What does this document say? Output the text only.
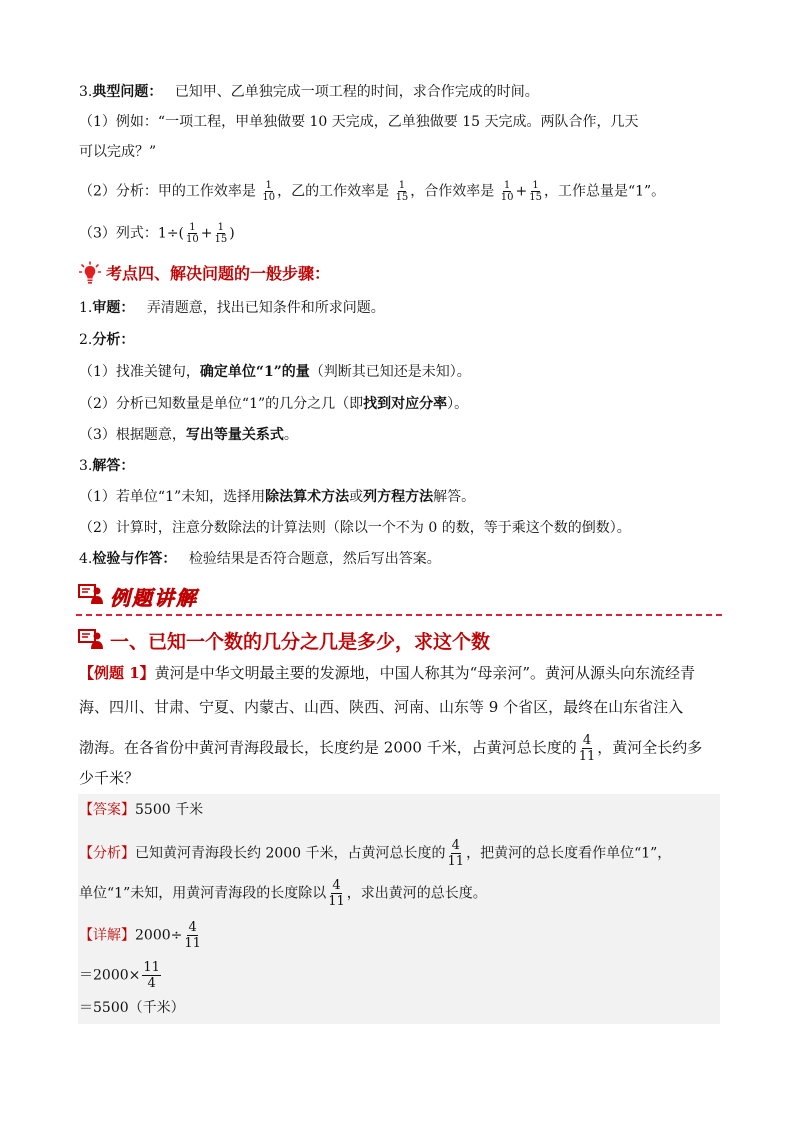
3.典型问题： 已知甲、乙单独完成一项工程的时间，求合作完成的时间。
（1）例如：“一项工程，甲单独做要 10 天完成，乙单独做要 15 天完成。两队合作，几天
可以完成？”
（2）分析：甲的工作效率是 $\frac{1}{10}$ ，乙的工作效率是 $\frac{1}{15}$ ，合作效率是 $\frac{1}{10} + \frac{1}{15}$ ，工作总量是“1”。
（3）列式：$1\div( \frac{1}{10} + \frac{1}{15}$ )
考点四、解决问题的一般步骤：
1.审题： 弄清题意，找出已知条件和所求问题。
2.分析：
（1）找准关键句，确定单位“1”的量（判断其已知还是未知）。
（2）分析已知数量是单位“1”的几分之几（即找到对应分率）。
（3）根据题意，写出等量关系式。
3.解答：
（1）若单位“1”未知，选择用除法算术方法或列方程方法解答。
（2）计算时，注意分数除法的计算法则（除以一个不为 0 的数，等于乘这个数的倒数）。
4.检验与作答： 检验结果是否符合题意，然后写出答案。
例题讲解
一、已知一个数的几分之几是多少，求这个数
【例题 1】黄河是中华文明最主要的发源地，中国人称其为“母亲河”。黄河从源头向东流经青
海、四川、甘肃、宁夏、内蒙古、山西、陕西、河南、山东等 9 个省区，最终在山东省注入
渤海。在各省份中黄河青海段最长，长度约是 2000 千米，占黄河总长度的 $\frac{4}{11}$ ，黄河全长约多
少千米？
【答案】5500 千米
【分析】已知黄河青海段长约 2000 千米，占黄河总长度的 $\frac{4}{11}$ ，把黄河的总长度看作单位“1”，
单位“1”未知，用黄河青海段的长度除以 $\frac{4}{11}$ ，求出黄河的总长度。
【详解】$2000\div \frac{4}{11}$
$=2000\times \frac{11}{4}$
＝5500（千米）
